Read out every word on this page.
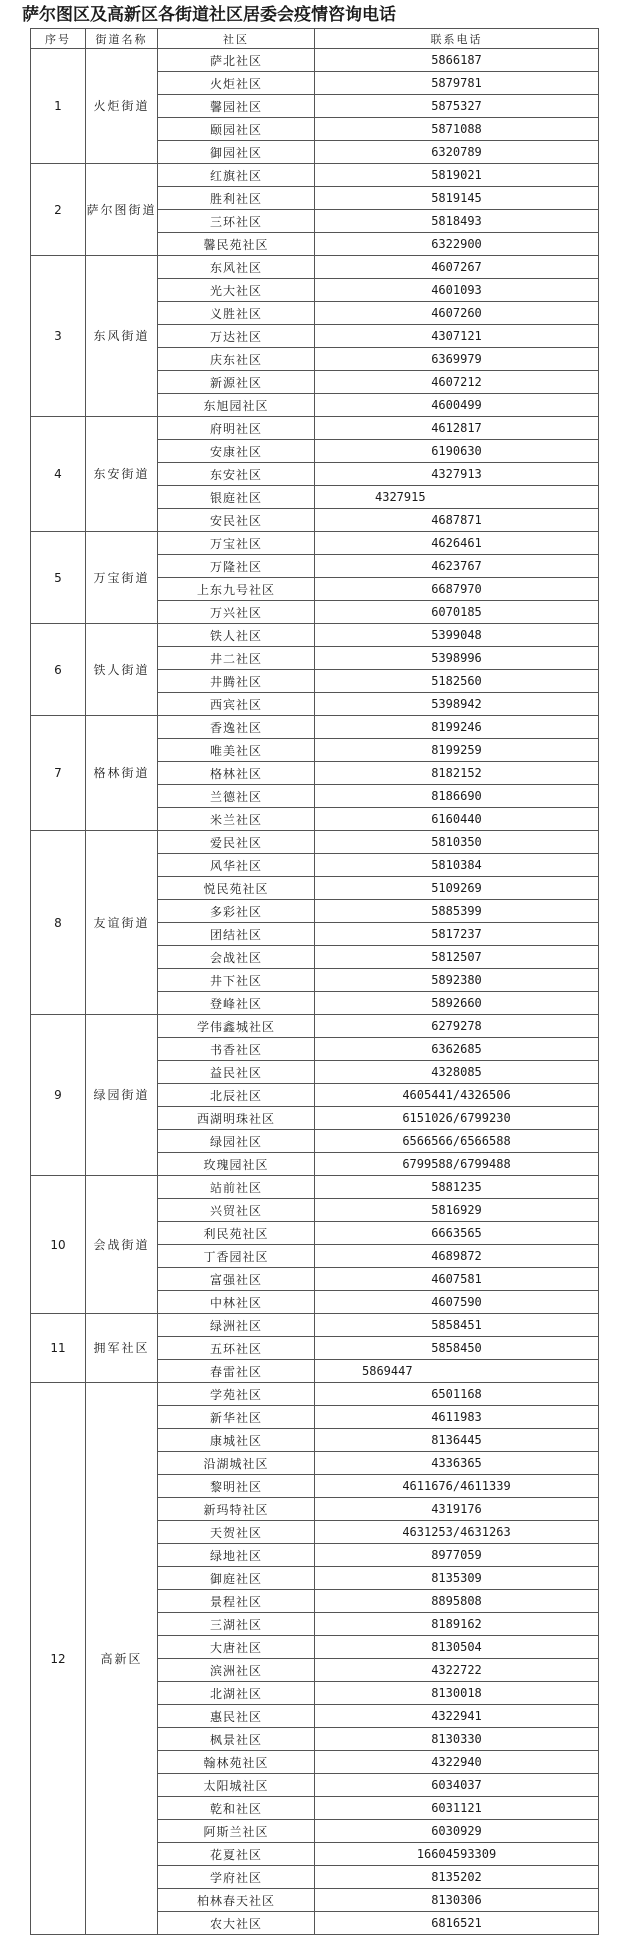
萨尔图区及高新区各街道社区居委会疫情咨询电话
序号	街道名称	社区	联系电话
1	火炬街道	萨北社区	5866187
		火炬社区	5879781
		馨园社区	5875327
		颐园社区	5871088
		御园社区	6320789
2	萨尔图街道	红旗社区	5819021
		胜利社区	5819145
		三环社区	5818493
		馨民苑社区	6322900
3	东风街道	东风社区	4607267
		光大社区	4601093
		义胜社区	4607260
		万达社区	4307121
		庆东社区	6369979
		新源社区	4607212
		东旭园社区	4600499
4	东安街道	府明社区	4612817
		安康社区	6190630
		东安社区	4327913
		银庭社区	4327915
		安民社区	4687871
5	万宝街道	万宝社区	4626461
		万隆社区	4623767
		上东九号社区	6687970
		万兴社区	6070185
6	铁人街道	铁人社区	5399048
		井二社区	5398996
		井腾社区	5182560
		西宾社区	5398942
7	格林街道	香逸社区	8199246
		唯美社区	8199259
		格林社区	8182152
		兰德社区	8186690
		米兰社区	6160440
8	友谊街道	爱民社区	5810350
		风华社区	5810384
		悦民苑社区	5109269
		多彩社区	5885399
		团结社区	5817237
		会战社区	5812507
		井下社区	5892380
		登峰社区	5892660
9	绿园街道	学伟鑫城社区	6279278
		书香社区	6362685
		益民社区	4328085
		北辰社区	4605441/4326506
		西湖明珠社区	6151026/6799230
		绿园社区	6566566/6566588
		玫瑰园社区	6799588/6799488
10	会战街道	站前社区	5881235
		兴贸社区	5816929
		利民苑社区	6663565
		丁香园社区	4689872
		富强社区	4607581
		中林社区	4607590
11	拥军社区	绿洲社区	5858451
		五环社区	5858450
		春雷社区	5869447
12	高新区	学苑社区	6501168
		新华社区	4611983
		康城社区	8136445
		沿湖城社区	4336365
		黎明社区	4611676/4611339
		新玛特社区	4319176
		天贺社区	4631253/4631263
		绿地社区	8977059
		御庭社区	8135309
		景程社区	8895808
		三湖社区	8189162
		大唐社区	8130504
		滨洲社区	4322722
		北湖社区	8130018
		惠民社区	4322941
		枫景社区	8130330
		翰林苑社区	4322940
		太阳城社区	6034037
		乾和社区	6031121
		阿斯兰社区	6030929
		花夏社区	16604593309
		学府社区	8135202
		柏林春天社区	8130306
		农大社区	6816521
